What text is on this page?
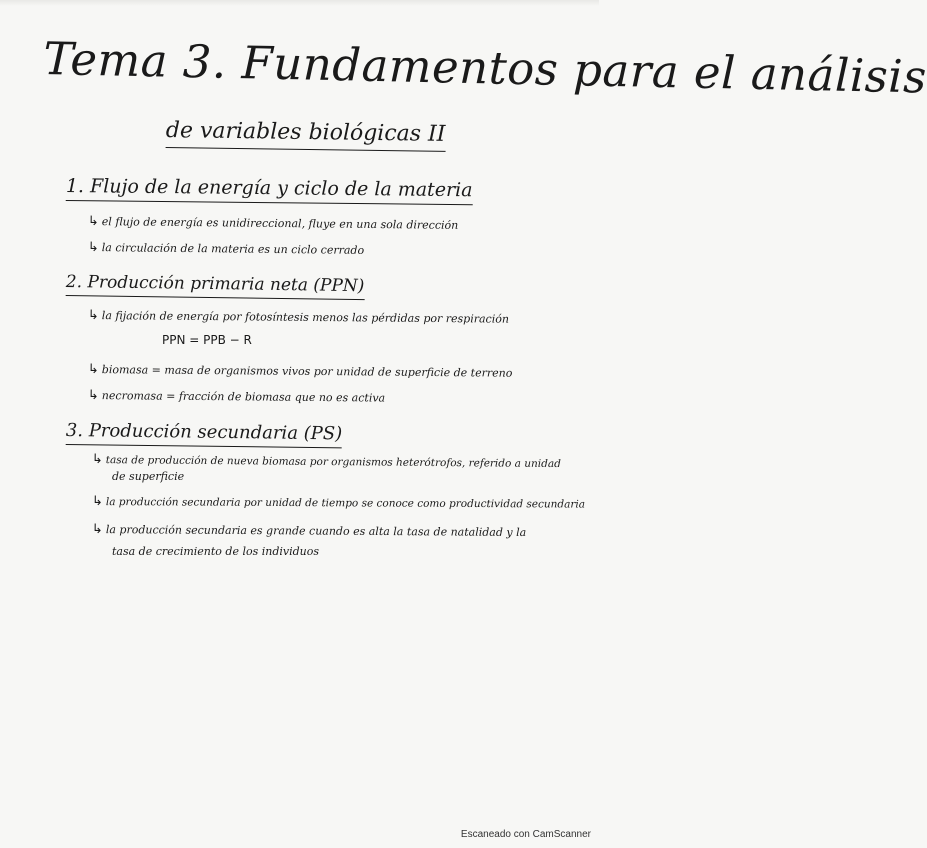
Tema 3. Fundamentos para el análisis
de variables biológicas II
1. Flujo de la energía y ciclo de la materia
↳ el flujo de energía es unidireccional, fluye en una sola dirección
↳ la circulación de la materia es un ciclo cerrado
2. Producción primaria neta (PPN)
↳ la fijación de energía por fotosíntesis menos las pérdidas por respiración
PPN = PPB − R
↳ biomasa = masa de organismos vivos por unidad de superficie de terreno
↳ necromasa = fracción de biomasa que no es activa
3. Producción secundaria (PS)
↳ tasa de producción de nueva biomasa por organismos heterótrofos, referido a unidad
de superficie
↳ la producción secundaria por unidad de tiempo se conoce como productividad secundaria
↳ la producción secundaria es grande cuando es alta la tasa de natalidad y la
tasa de crecimiento de los individuos
Escaneado con CamScanner
